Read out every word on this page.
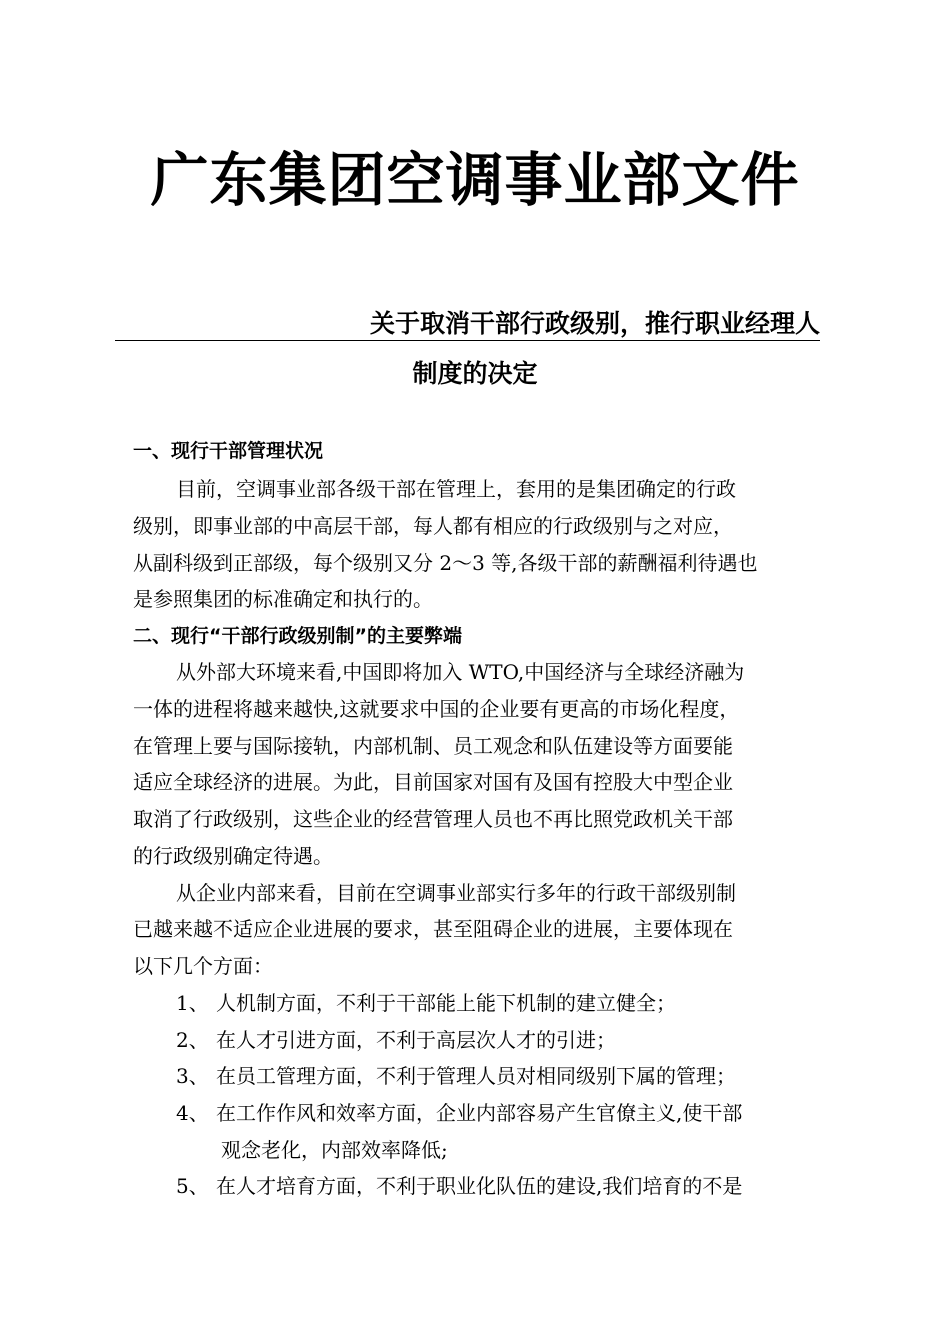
广东集团空调事业部文件
关于取消干部行政级别，推行职业经理人
制度的决定
一、现行干部管理状况
目前，空调事业部各级干部在管理上，套用的是集团确定的行政
级别，即事业部的中高层干部，每人都有相应的行政级别与之对应，
从副科级到正部级，每个级别又分 2～3 等,各级干部的薪酬福利待遇也
是参照集团的标准确定和执行的。
二、现行“干部行政级别制”的主要弊端
从外部大环境来看,中国即将加入 WTO,中国经济与全球经济融为
一体的进程将越来越快,这就要求中国的企业要有更高的市场化程度，
在管理上要与国际接轨，内部机制、员工观念和队伍建设等方面要能
适应全球经济的进展。为此，目前国家对国有及国有控股大中型企业
取消了行政级别，这些企业的经营管理人员也不再比照党政机关干部
的行政级别确定待遇。
从企业内部来看，目前在空调事业部实行多年的行政干部级别制
已越来越不适应企业进展的要求，甚至阻碍企业的进展，主要体现在
以下几个方面：
1、 人机制方面，不利于干部能上能下机制的建立健全；
2、 在人才引进方面，不利于高层次人才的引进；
3、 在员工管理方面，不利于管理人员对相同级别下属的管理；
4、 在工作作风和效率方面，企业内部容易产生官僚主义,使干部
观念老化，内部效率降低;
5、 在人才培育方面，不利于职业化队伍的建设,我们培育的不是
